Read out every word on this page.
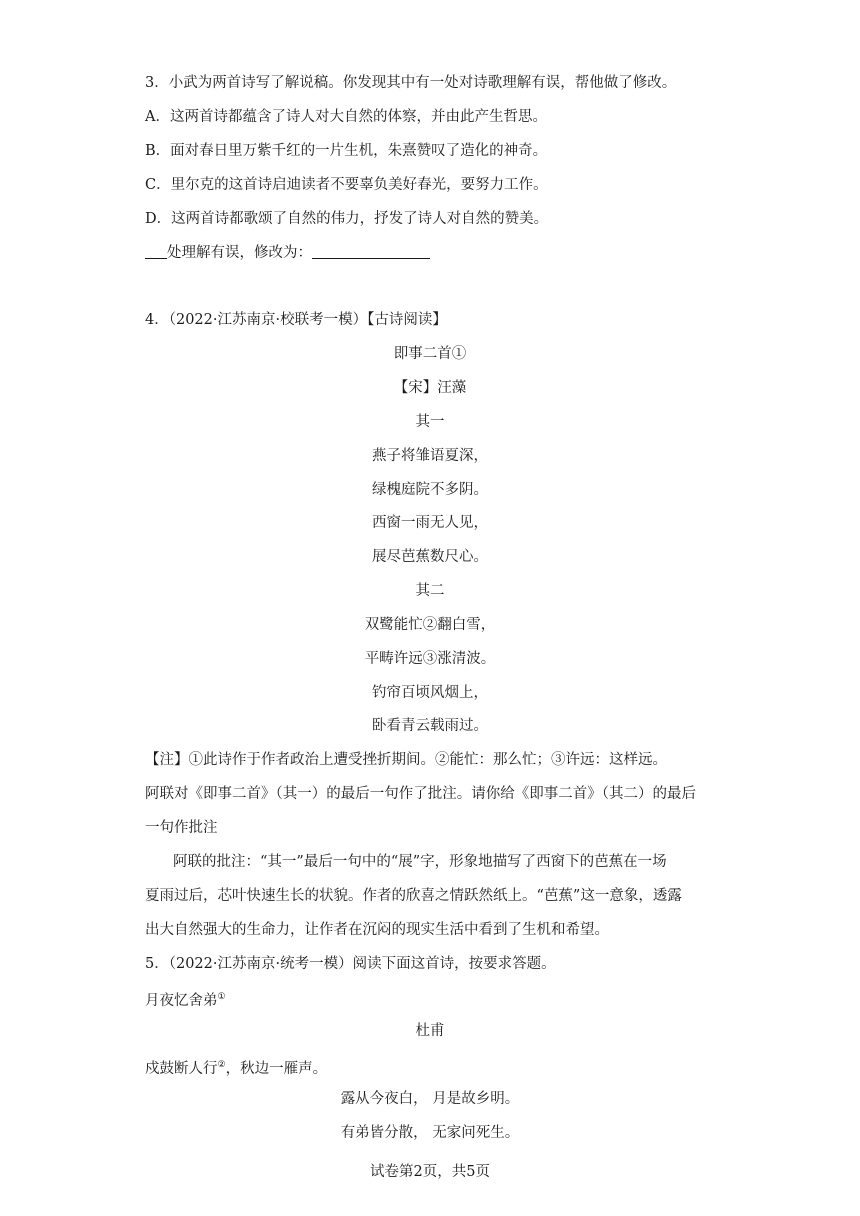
3．小武为两首诗写了解说稿。你发现其中有一处对诗歌理解有误，帮他做了修改。
A．这两首诗都蕴含了诗人对大自然的体察，并由此产生哲思。
B．面对春日里万紫千红的一片生机，朱熹赞叹了造化的神奇。
C．里尔克的这首诗启迪读者不要辜负美好春光，要努力工作。
D．这两首诗都歌颂了自然的伟力，抒发了诗人对自然的赞美。
处理解有误，修改为：
4．（2022·江苏南京·校联考一模）【古诗阅读】
即事二首①
【宋】汪藻
其一
燕子将雏语夏深，
绿槐庭院不多阴。
西窗一雨无人见，
展尽芭蕉数尺心。
其二
双鹭能忙②翻白雪，
平畴许远③涨清波。
钓帘百顷风烟上，
卧看青云载雨过。
【注】①此诗作于作者政治上遭受挫折期间。②能忙：那么忙；③许远：这样远。
阿联对《即事二首》（其一）的最后一句作了批注。请你给《即事二首》（其二）的最后
一句作批注
阿联的批注：“其一”最后一句中的“展”字，形象地描写了西窗下的芭蕉在一场
夏雨过后，芯叶快速生长的状貌。作者的欣喜之情跃然纸上。“芭蕉”这一意象，透露
出大自然强大的生命力，让作者在沉闷的现实生活中看到了生机和希望。
5．（2022·江苏南京·统考一模）阅读下面这首诗，按要求答题。
月夜忆舍弟①
杜甫
戍鼓断人行②，秋边一雁声。
露从今夜白， 月是故乡明。
有弟皆分散， 无家问死生。
试卷第2页，共5页
